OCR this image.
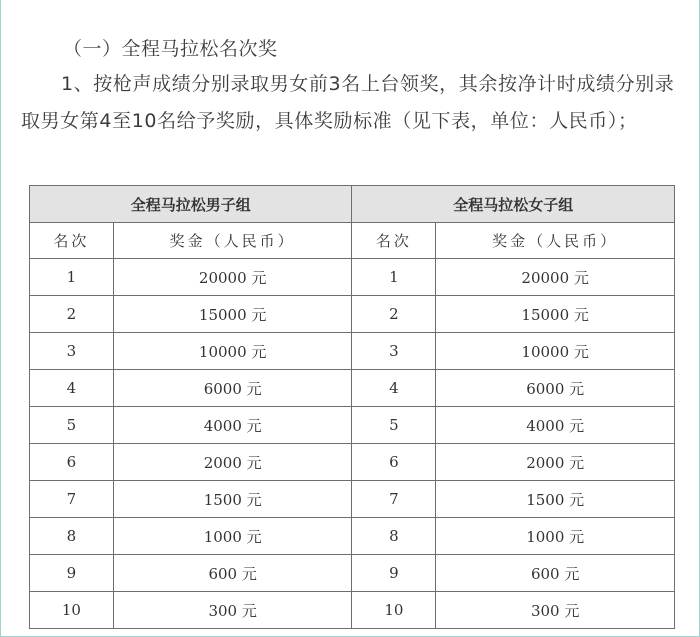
（一）全程马拉松名次奖
1、按枪声成绩分别录取男女前3名上台领奖，其余按净计时成绩分别录取男女第4至10名给予奖励，具体奖励标准（见下表，单位：人民币）；
全程马拉松男子组		全程马拉松女子组	
名次	奖金（人民币）	名次	奖金（人民币）
1	20000 元	1	20000 元
2	15000 元	2	15000 元
3	10000 元	3	10000 元
4	6000 元	4	6000 元
5	4000 元	5	4000 元
6	2000 元	6	2000 元
7	1500 元	7	1500 元
8	1000 元	8	1000 元
9	600 元	9	600 元
10	300 元	10	300 元
